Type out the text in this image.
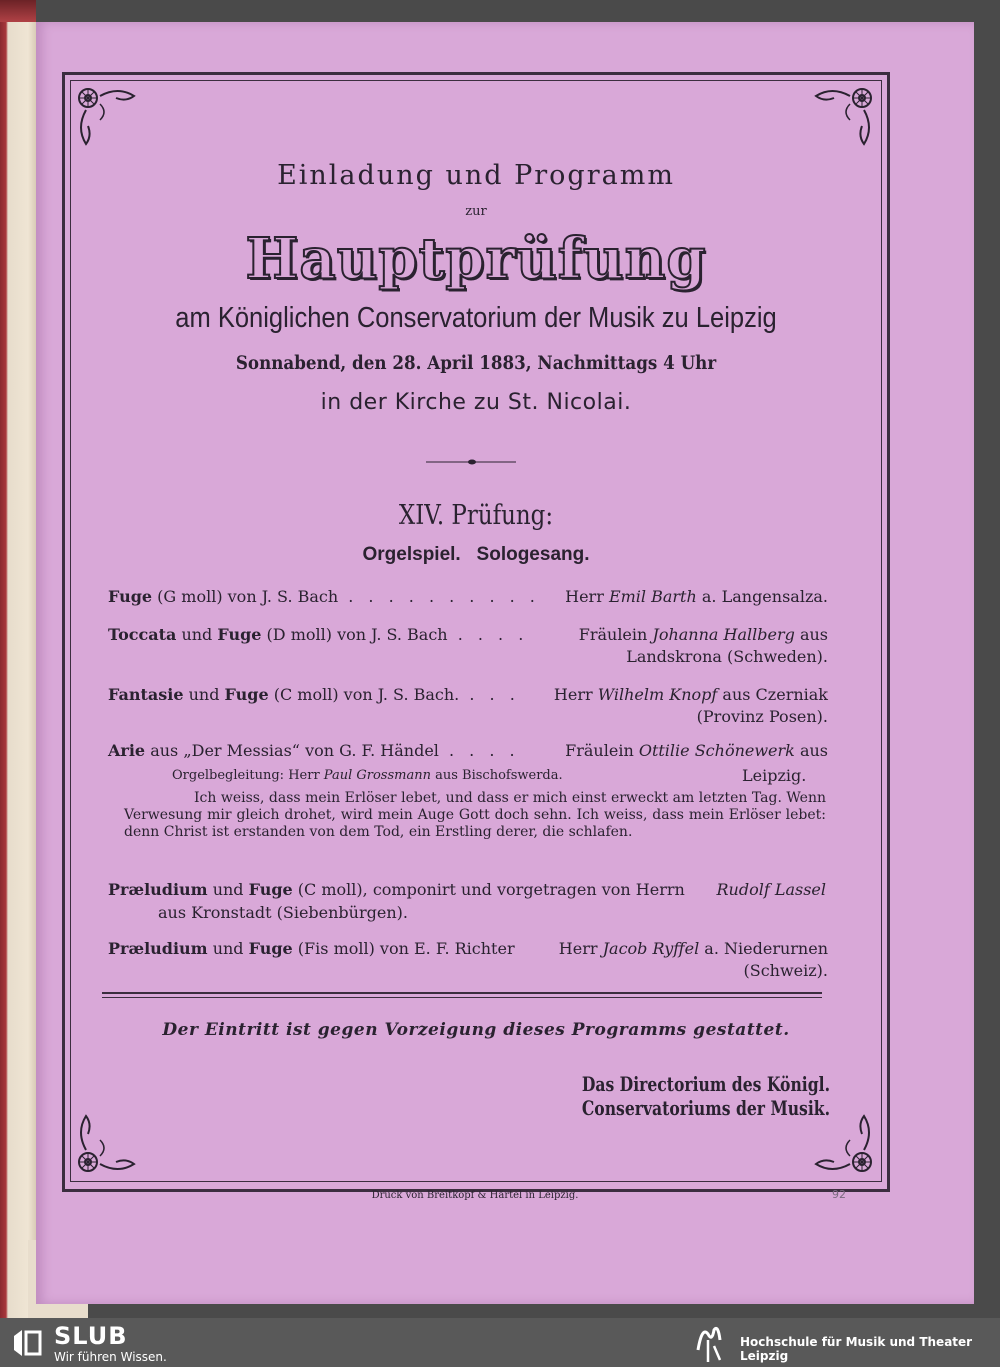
Einladung und Programm
zur
Hauptprüfung
am Königlichen Conservatorium der Musik zu Leipzig
Sonnabend, den 28. April 1883, Nachmittags 4 Uhr
in der Kirche zu St. Nicolai.
XIV. Prüfung:
Orgelspiel.   Sologesang.
Fuge (G moll) von J. S. Bach . . . . . . . . . . Herr Emil Barth a. Langensalza.
Toccata und Fuge (D moll) von J. S. Bach . . . .	Fräulein Johanna Hallberg aus
Landskrona (Schweden).
Fantasie und Fuge (C moll) von J. S. Bach. . . . Herr Wilhelm Knopf aus Czerniak
(Provinz Posen).
Arie aus „Der Messias“ von G. F. Händel . . . .	Fräulein Ottilie Schönewerk aus
Orgelbegleitung: Herr Paul Grossmann aus Bischofswerda.	Leipzig.
Ich weiss, dass mein Erlöser lebet, und dass er mich einst erweckt am letzten Tag. Wenn Verwesung mir gleich drohet, wird mein Auge Gott doch sehn. Ich weiss, dass mein Erlöser lebet: denn Christ ist erstanden von dem Tod, ein Erstling derer, die schlafen.
Præludium und Fuge (C moll), componirt und vorgetragen von Herrn Rudolf Lassel
aus Kronstadt (Siebenbürgen).
Præludium und Fuge (Fis moll) von E. F. Richter	Herr Jacob Ryffel a. Niederurnen
(Schweiz).
Der Eintritt ist gegen Vorzeigung dieses Programms gestattet.
Das Directorium des Königl. Conservatoriums der Musik.
Druck von Breitkopf & Härtel in Leipzig.	92
SLUB
Wir führen Wissen.
Hochschule für Musik und Theater Leipzig
